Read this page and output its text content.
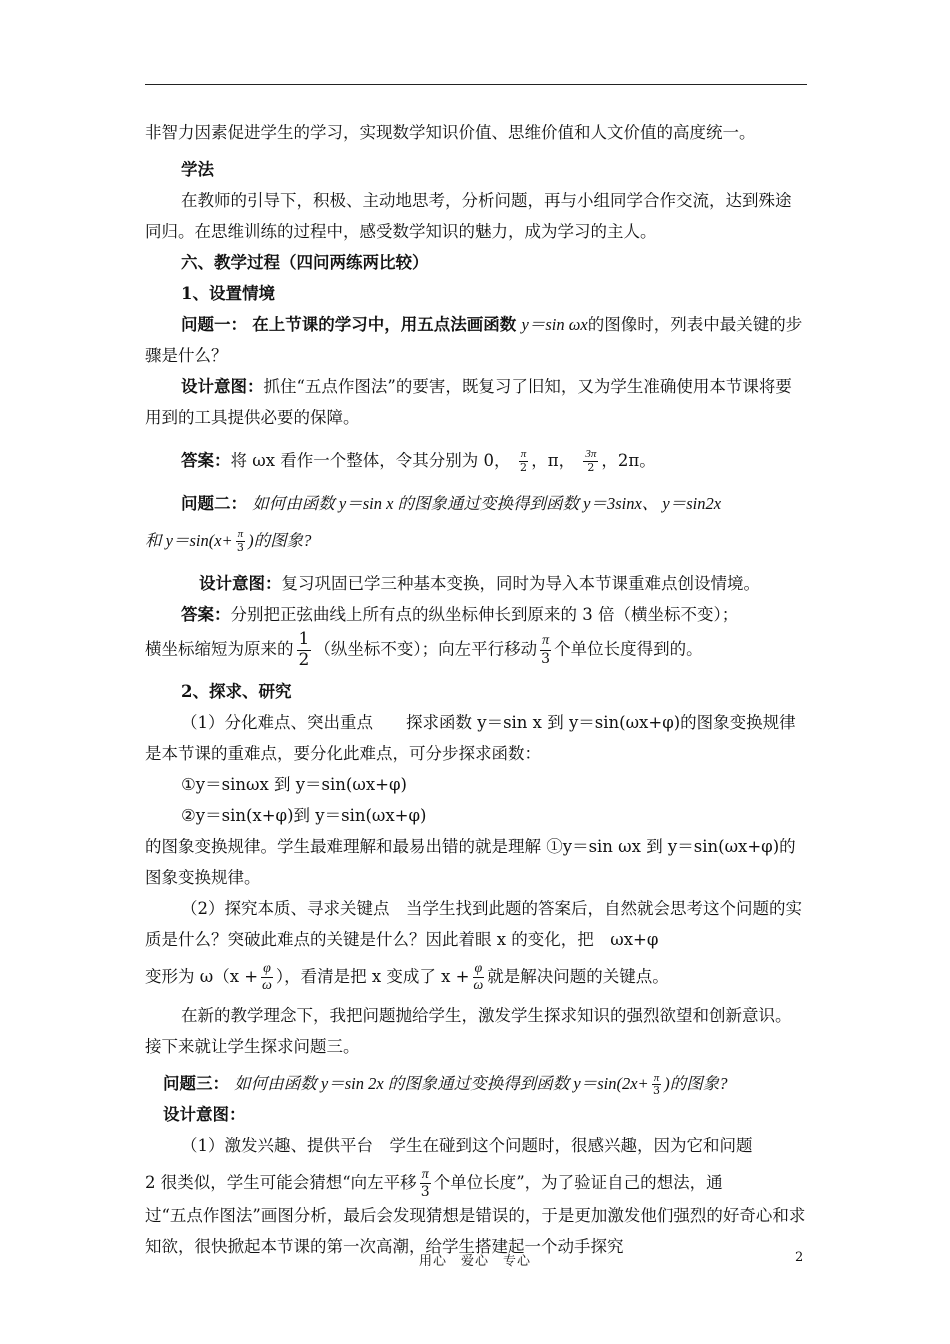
非智力因素促进学生的学习，实现数学知识价值、思维价值和人文价值的高度统一。

学法

在教师的引导下，积极、主动地思考，分析问题，再与小组同学合作交流，达到殊途同归。在思维训练的过程中，感受数学知识的魅力，成为学习的主人。

六、教学过程（四问两练两比较）

1、设置情境

问题一： 在上节课的学习中，用五点法画函数 y＝sin ωx的图像时，列表中最关键的步骤是什么？

设计意图：抓住“五点作图法”的要害，既复习了旧知，又为学生准确使用本节课将要用到的工具提供必要的保障。

答案：将 ωx 看作一个整体，令其分别为 0， $\frac{\pi}{2}$ ，π， $\frac{3\pi}{2}$ ，2π。

问题二： 如何由函数 y＝sin x 的图象通过变换得到函数 y＝3sinx、 y＝sin2x

和 $y=\sin(x+ \frac{\pi}{3}$ )的图象?

设计意图：复习巩固已学三种基本变换，同时为导入本节课重难点创设情境。

答案：分别把正弦曲线上所有点的纵坐标伸长到原来的 3 倍（横坐标不变）；

横坐标缩短为原来的 $\frac{1}{2}$ （纵坐标不变）；向左平行移动 $\frac{\pi}{3}$ 个单位长度得到的。

2、探求、研究

（1）分化难点、突出重点　　探求函数 y＝sin x 到 y＝sin(ωx+φ)的图象变换规律是本节课的重难点，要分化此难点，可分步探求函数：

①y＝sinωx 到 y＝sin(ωx+φ)

②y＝sin(x+φ)到 y＝sin(ωx+φ)

的图象变换规律。学生最难理解和最易出错的就是理解 ①y＝sin ωx 到 y＝sin(ωx+φ)的图象变换规律。

（2）探究本质、寻求关键点　当学生找到此题的答案后，自然就会思考这个问题的实质是什么？突破此难点的关键是什么？因此着眼 x 的变化，把　ωx+φ

变形为 $\omega(x + \frac{\varphi}{\omega}$ ），看清是把 x 变成了 $x + \frac{\varphi}{\omega}$ 就是解决问题的关键点。

在新的教学理念下，我把问题抛给学生，激发学生探求知识的强烈欲望和创新意识。接下来就让学生探求问题三。

问题三： 如何由函数 y＝sin 2x 的图象通过变换得到函数 $y=\sin(2x+ \frac{\pi}{3}$ )的图象?

设计意图：

（1）激发兴趣、提供平台　学生在碰到这个问题时，很感兴趣，因为它和问题

2 很类似，学生可能会猜想“向左平移 $\frac{\pi}{3}$ 个单位长度”，为了验证自己的想法，通

过“五点作图法”画图分析，最后会发现猜想是错误的，于是更加激发他们强烈的好奇心和求知欲，很快掀起本节课的第一次高潮，给学生搭建起一个动手探究

用心　爱心　专心	2
